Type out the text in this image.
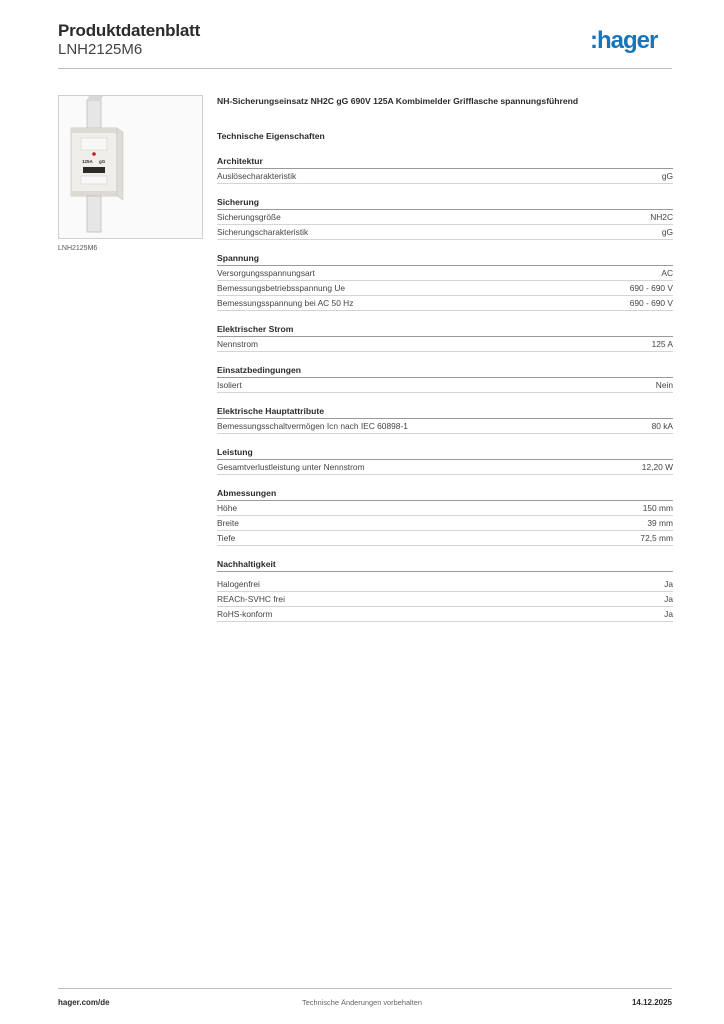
Produktdatenblatt
LNH2125M6	:hager
125A gG
LNH2125M6
NH-Sicherungseinsatz NH2C gG 690V 125A Kombimelder Grifflasche spannungsführend
Technische Eigenschaften
Architektur
Auslösecharakteristik	gG
Sicherung
Sicherungsgröße	NH2C
Sicherungscharakteristik	gG
Spannung
Versorgungsspannungsart	AC
Bemessungsbetriebsspannung Ue	690 - 690 V
Bemessungsspannung bei AC 50 Hz	690 - 690 V
Elektrischer Strom
Nennstrom	125 A
Einsatzbedingungen
Isoliert	Nein
Elektrische Hauptattribute
Bemessungsschaltvermögen Icn nach IEC 60898-1	80 kA
Leistung
Gesamtverlustleistung unter Nennstrom	12,20 W
Abmessungen
Höhe	150 mm
Breite	39 mm
Tiefe	72,5 mm
Nachhaltigkeit
Halogenfrei	Ja
REACh-SVHC frei	Ja
RoHS-konform	Ja
hager.com/de	Technische Änderungen vorbehalten	14.12.2025
